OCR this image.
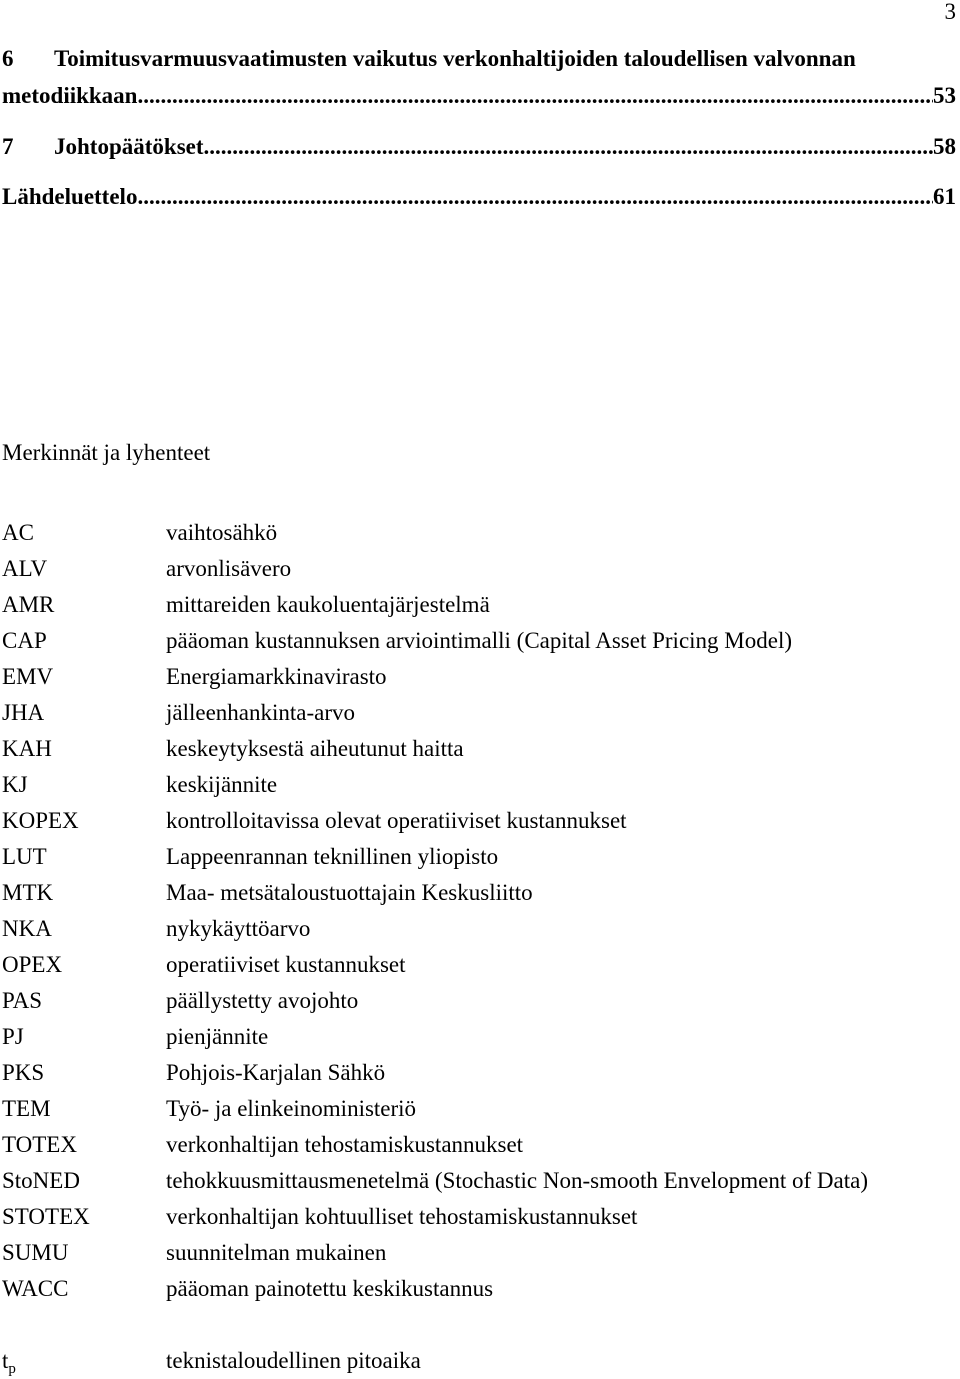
3
6	Toimitusvarmuusvaatimusten vaikutus verkonhaltijoiden taloudellisen valvonnan
metodiikkaan .....	53
7	Johtopäätökset .....	58
Lähdeluettelo .....	61
Merkinnät ja lyhenteet
AC	vaihtosähkö
ALV	arvonlisävero
AMR	mittareiden kaukoluentajärjestelmä
CAP	pääoman kustannuksen arviointimalli (Capital Asset Pricing Model)
EMV	Energiamarkkinavirasto
JHA	jälleenhankinta-arvo
KAH	keskeytyksestä aiheutunut haitta
KJ	keskijännite
KOPEX	kontrolloitavissa olevat operatiiviset kustannukset
LUT	Lappeenrannan teknillinen yliopisto
MTK	Maa- metsätaloustuottajain Keskusliitto
NKA	nykykäyttöarvo
OPEX	operatiiviset kustannukset
PAS	päällystetty avojohto
PJ	pienjännite
PKS	Pohjois-Karjalan Sähkö
TEM	Työ- ja elinkeinoministeriö
TOTEX	verkonhaltijan tehostamiskustannukset
StoNED	tehokkuusmittausmenetelmä (Stochastic Non-smooth Envelopment of Data)
STOTEX	verkonhaltijan kohtuulliset tehostamiskustannukset
SUMU	suunnitelman mukainen
WACC	pääoman painotettu keskikustannus
$t_p$	teknistaloudellinen pitoaika
